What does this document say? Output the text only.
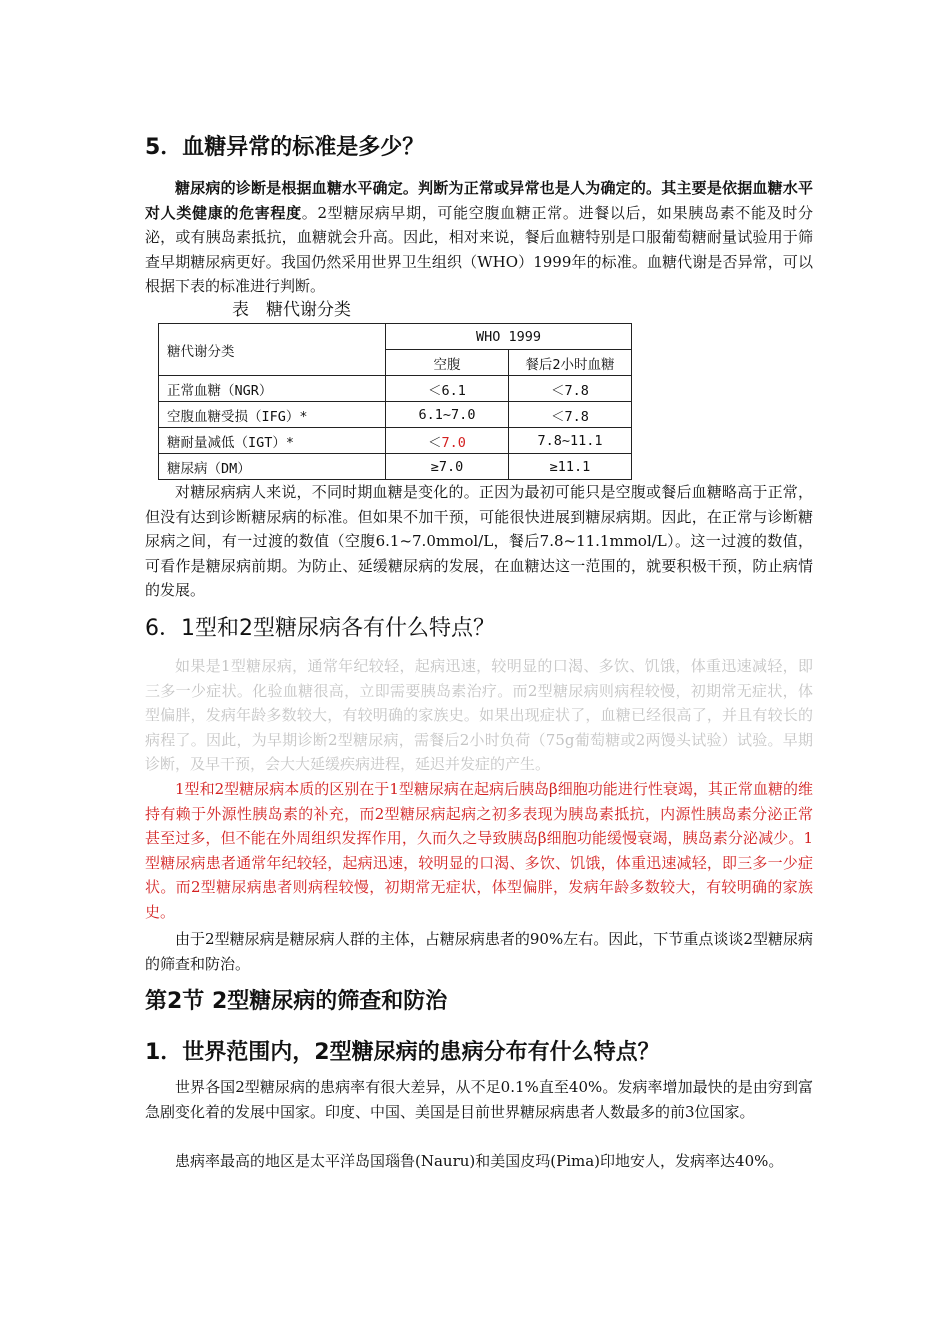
5．血糖异常的标准是多少？

糖尿病的诊断是根据血糖水平确定。判断为正常或异常也是人为确定的。其主要是依据血糖水平对人类健康的危害程度。2型糖尿病早期，可能空腹血糖正常。进餐以后，如果胰岛素不能及时分泌，或有胰岛素抵抗，血糖就会升高。因此，相对来说，餐后血糖特别是口服葡萄糖耐量试验用于筛查早期糖尿病更好。我国仍然采用世界卫生组织（WHO）1999年的标准。血糖代谢是否异常，可以根据下表的标准进行判断。

表　糖代谢分类

糖代谢分类	WHO 1999	
	空腹	餐后2小时血糖
正常血糖（NGR）	＜6.1	＜7.8
空腹血糖受损（IFG）*	6.1~7.0	＜7.8
糖耐量减低（IGT）*	＜7.0	7.8~11.1
糖尿病（DM）	≥7.0	≥11.1

对糖尿病病人来说，不同时期血糖是变化的。正因为最初可能只是空腹或餐后血糖略高于正常，但没有达到诊断糖尿病的标准。但如果不加干预，可能很快进展到糖尿病期。因此，在正常与诊断糖尿病之间，有一过渡的数值（空腹6.1~7.0mmol/L，餐后7.8~11.1mmol/L）。这一过渡的数值，可看作是糖尿病前期。为防止、延缓糖尿病的发展，在血糖达这一范围的，就要积极干预，防止病情的发展。

6．1型和2型糖尿病各有什么特点？

如果是1型糖尿病，通常年纪较轻，起病迅速，较明显的口渴、多饮、饥饿，体重迅速减轻，即三多一少症状。化验血糖很高，立即需要胰岛素治疗。而2型糖尿病则病程较慢，初期常无症状，体型偏胖，发病年龄多数较大，有较明确的家族史。如果出现症状了，血糖已经很高了，并且有较长的病程了。因此，为早期诊断2型糖尿病，需餐后2小时负荷（75g葡萄糖或2两馒头试验）试验。早期诊断，及早干预，会大大延缓疾病进程，延迟并发症的产生。

1型和2型糖尿病本质的区别在于1型糖尿病在起病后胰岛β细胞功能进行性衰竭，其正常血糖的维持有赖于外源性胰岛素的补充，而2型糖尿病起病之初多表现为胰岛素抵抗，内源性胰岛素分泌正常甚至过多，但不能在外周组织发挥作用，久而久之导致胰岛β细胞功能缓慢衰竭，胰岛素分泌减少。1型糖尿病患者通常年纪较轻，起病迅速，较明显的口渴、多饮、饥饿，体重迅速减轻，即三多一少症状。而2型糖尿病患者则病程较慢，初期常无症状，体型偏胖，发病年龄多数较大，有较明确的家族史。

由于2型糖尿病是糖尿病人群的主体，占糖尿病患者的90%左右。因此，下节重点谈谈2型糖尿病的筛查和防治。

第2节 2型糖尿病的筛查和防治
1．世界范围内，2型糖尿病的患病分布有什么特点？

世界各国2型糖尿病的患病率有很大差异，从不足0.1%直至40%。发病率增加最快的是由穷到富急剧变化着的发展中国家。印度、中国、美国是目前世界糖尿病患者人数最多的前3位国家。

患病率最高的地区是太平洋岛国瑙鲁(Nauru)和美国皮玛(Pima)印地安人，发病率达40%。
